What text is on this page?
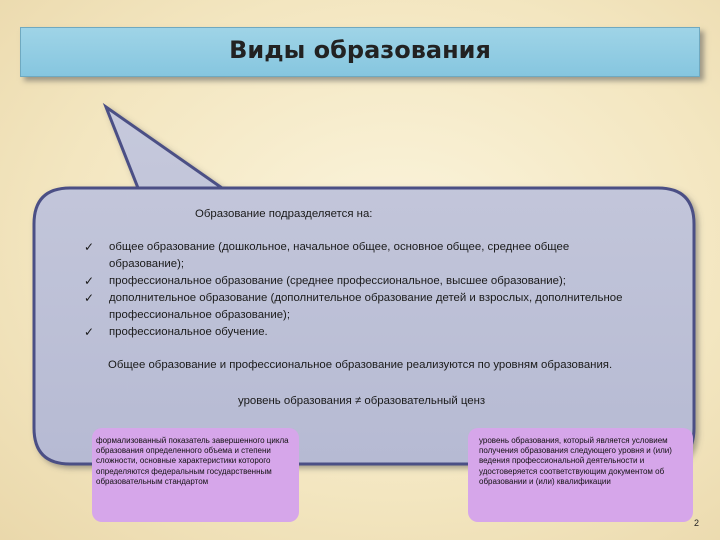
Виды образования
Образование подразделяется на:
✓ общее образование (дошкольное, начальное общее, основное общее, среднее общее образование);
✓ профессиональное образование (среднее профессиональное, высшее образование);
✓ дополнительное образование (дополнительное образование детей и взрослых, дополнительное профессиональное образование);
✓ профессиональное обучение.
Общее образование и профессиональное образование реализуются по уровням образования.
уровень образования ≠ образовательный ценз
формализованный показатель завершенного цикла образования определенного объема и степени сложности, основные характеристики которого определяются федеральным государственным образовательным стандартом
уровень образования, который является условием получения образования следующего уровня и (или) ведения профессиональной деятельности и удостоверяется соответствующим документом об образовании и (или) квалификации
2
